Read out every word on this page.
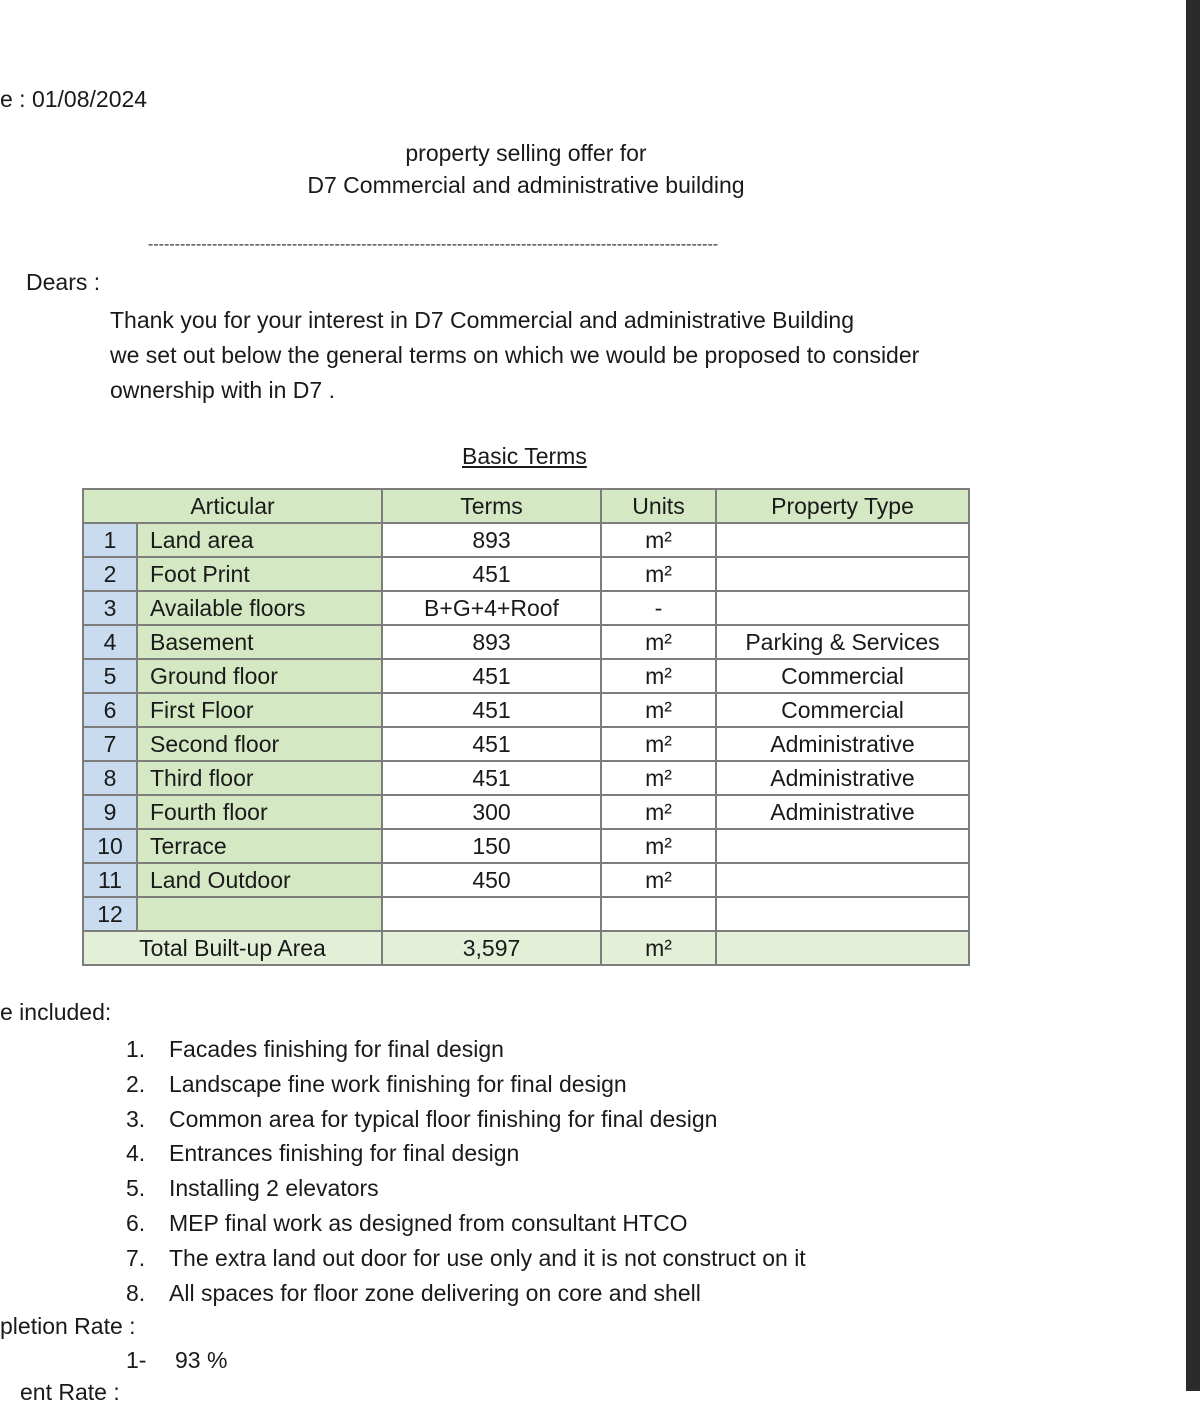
e : 01/08/2024
property selling offer for
D7 Commercial and administrative building
-----------------------------------------------------------------------------------------------------------
Dears :
Thank you for your interest in D7 Commercial and administrative Building
we set out below the general terms on which we would be proposed to consider
ownership with in D7 .
Basic Terms
Articular		Terms	Units	Property Type
1	Land area	893	m²	
2	Foot Print	451	m²	
3	Available floors	B+G+4+Roof	-	
4	Basement	893	m²	Parking & Services
5	Ground floor	451	m²	Commercial
6	First Floor	451	m²	Commercial
7	Second floor	451	m²	Administrative
8	Third floor	451	m²	Administrative
9	Fourth floor	300	m²	Administrative
10	Terrace	150	m²	
11	Land Outdoor	450	m²	
12				
Total Built-up Area		3,597	m²	
e included:
1. Facades finishing for final design
2. Landscape fine work finishing for final design
3. Common area for typical floor finishing for final design
4. Entrances finishing for final design
5. Installing 2 elevators
6. MEP final work as designed from consultant HTCO
7. The extra land out door for use only and it is not construct on it
8. All spaces for floor zone delivering on core and shell
pletion Rate :
1- 93 %
ent Rate :
